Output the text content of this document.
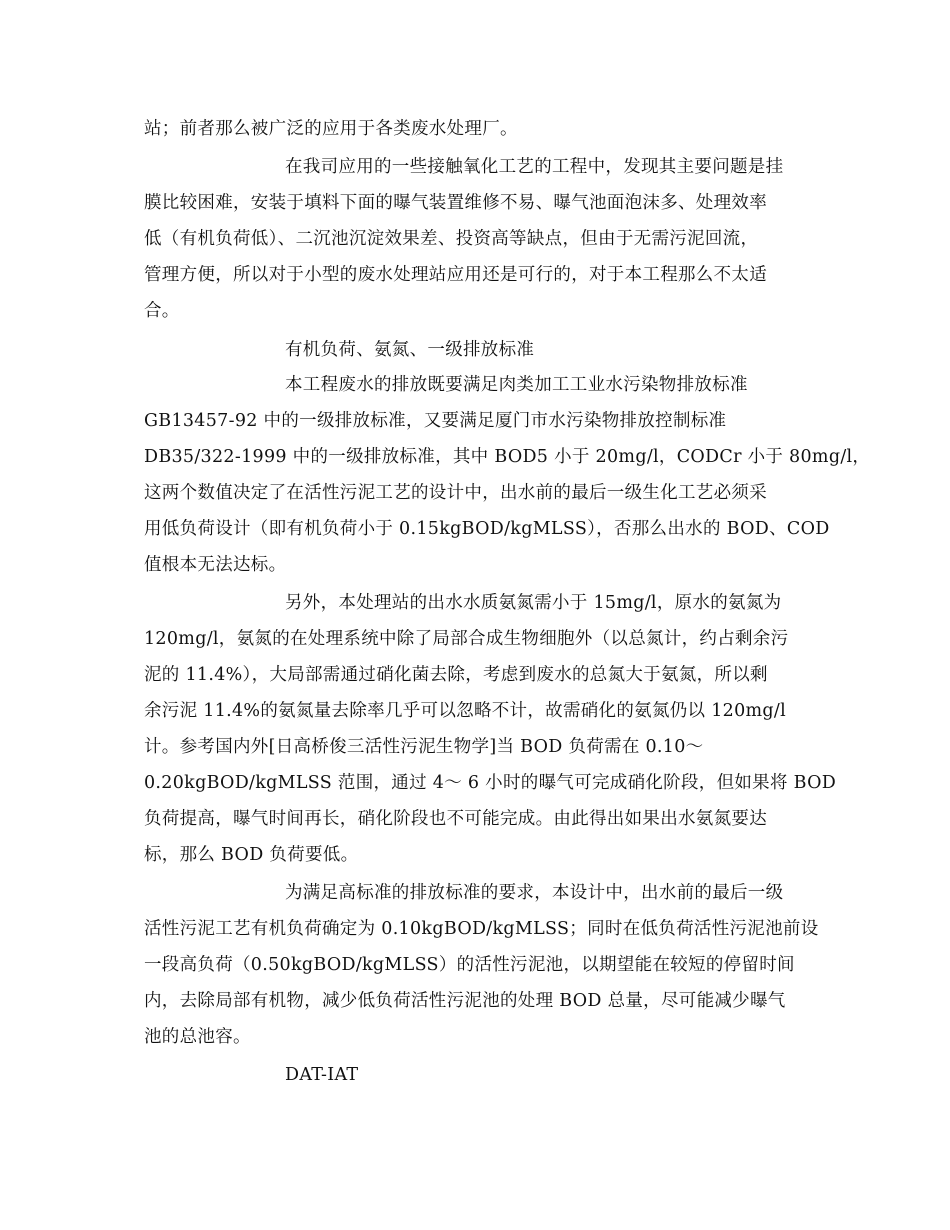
站；前者那么被广泛的应用于各类废水处理厂。
在我司应用的一些接触氧化工艺的工程中，发现其主要问题是挂
膜比较困难，安装于填料下面的曝气装置维修不易、曝气池面泡沫多、处理效率
低（有机负荷低）、二沉池沉淀效果差、投资高等缺点，但由于无需污泥回流，
管理方便，所以对于小型的废水处理站应用还是可行的，对于本工程那么不太适
合。
有机负荷、氨氮、一级排放标准
本工程废水的排放既要满足肉类加工工业水污染物排放标准
GB13457-92 中的一级排放标准，又要满足厦门市水污染物排放控制标准
DB35/322-1999 中的一级排放标准，其中 BOD5 小于 20mg/l，CODCr 小于 80mg/l，
这两个数值决定了在活性污泥工艺的设计中，出水前的最后一级生化工艺必须采
用低负荷设计（即有机负荷小于 0.15kgBOD/kgMLSS），否那么出水的 BOD、COD
值根本无法达标。
另外，本处理站的出水水质氨氮需小于 15mg/l，原水的氨氮为
120mg/l，氨氮的在处理系统中除了局部合成生物细胞外（以总氮计，约占剩余污
泥的 11.4%），大局部需通过硝化菌去除，考虑到废水的总氮大于氨氮，所以剩
余污泥 11.4%的氨氮量去除率几乎可以忽略不计，故需硝化的氨氮仍以 120mg/l
计。参考国内外[日高桥俊三活性污泥生物学]当 BOD 负荷需在 0.10～
0.20kgBOD/kgMLSS 范围，通过 4～ 6 小时的曝气可完成硝化阶段，但如果将 BOD
负荷提高，曝气时间再长，硝化阶段也不可能完成。由此得出如果出水氨氮要达
标，那么 BOD 负荷要低。
为满足高标准的排放标准的要求，本设计中，出水前的最后一级
活性污泥工艺有机负荷确定为 0.10kgBOD/kgMLSS；同时在低负荷活性污泥池前设
一段高负荷（0.50kgBOD/kgMLSS）的活性污泥池，以期望能在较短的停留时间
内，去除局部有机物，减少低负荷活性污泥池的处理 BOD 总量，尽可能减少曝气
池的总池容。
DAT-IAT
